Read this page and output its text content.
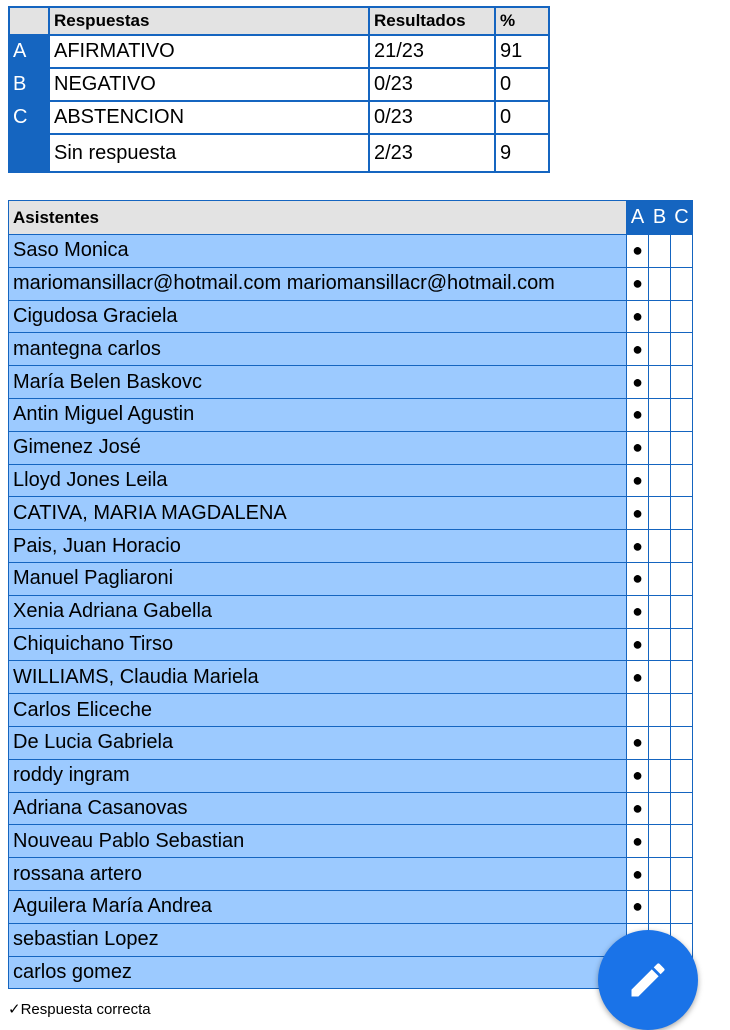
	Respuestas	Resultados	%
A	AFIRMATIVO	21/23	91
B	NEGATIVO	0/23	0
C	ABSTENCION	0/23	0
	Sin respuesta	2/23	9
Asistentes	A	B	C
Saso Monica	●		
mariomansillacr@hotmail.com mariomansillacr@hotmail.com	●		
Cigudosa Graciela	●		
mantegna carlos	●		
María Belen Baskovc	●		
Antin Miguel Agustin	●		
Gimenez José	●		
Lloyd Jones Leila	●		
CATIVA, MARIA MAGDALENA	●		
Pais, Juan Horacio	●		
Manuel Pagliaroni	●		
Xenia Adriana Gabella	●		
Chiquichano Tirso	●		
WILLIAMS, Claudia Mariela	●		
Carlos Eliceche			
De Lucia Gabriela	●		
roddy ingram	●		
Adriana Casanovas	●		
Nouveau Pablo Sebastian	●		
rossana artero	●		
Aguilera María Andrea	●		
sebastian Lopez			
carlos gomez			
✓Respuesta correcta
